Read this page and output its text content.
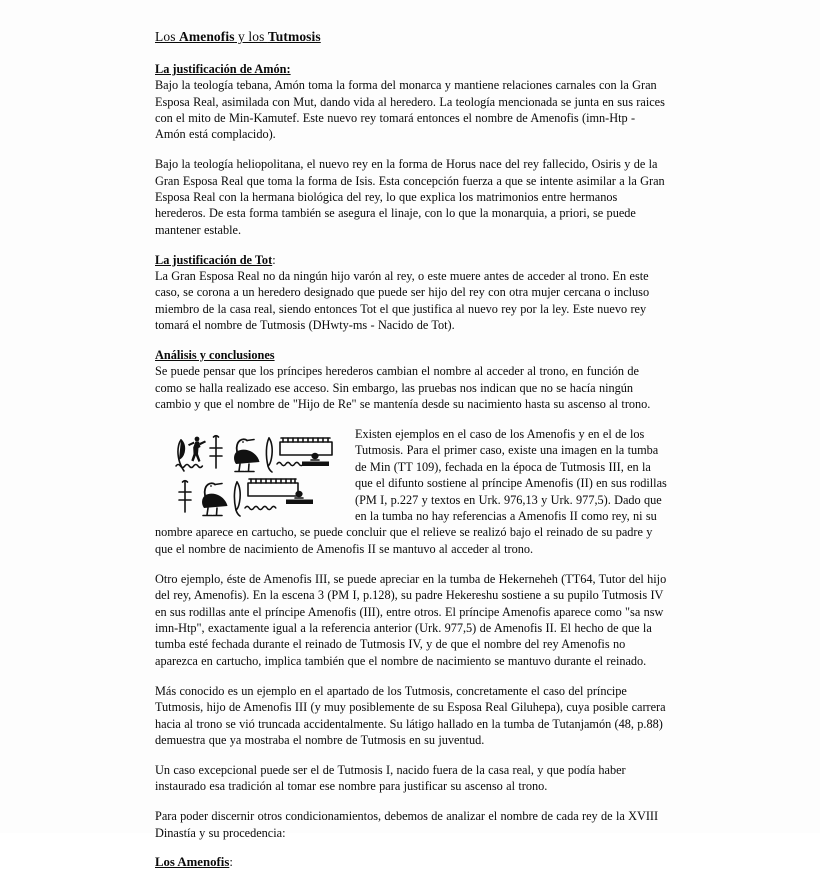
Los Amenofis y los Tutmosis
La justificación de Amón:

Bajo la teología tebana, Amón toma la forma del monarca y mantiene relaciones carnales con la Gran Esposa Real, asimilada con Mut, dando vida al heredero. La teología mencionada se junta en sus raices con el mito de Min-Kamutef. Este nuevo rey tomará entonces el nombre de Amenofis (imn-Htp - Amón está complacido).

Bajo la teología heliopolitana, el nuevo rey en la forma de Horus nace del rey fallecido, Osiris y de la Gran Esposa Real que toma la forma de Isis. Esta concepción fuerza a que se intente asimilar a la Gran Esposa Real con la hermana biológica del rey, lo que explica los matrimonios entre hermanos herederos. De esta forma también se asegura el linaje, con lo que la monarquia, a priori, se puede mantener estable.

La justificación de Tot:

La Gran Esposa Real no da ningún hijo varón al rey, o este muere antes de acceder al trono. En este caso, se corona a un heredero designado que puede ser hijo del rey con otra mujer cercana o incluso miembro de la casa real, siendo entonces Tot el que justifica al nuevo rey por la ley. Este nuevo rey tomará el nombre de Tutmosis (DHwty-ms - Nacido de Tot).

Análisis y conclusiones

Se puede pensar que los príncipes herederos cambian el nombre al acceder al trono, en función de como se halla realizado ese acceso. Sin embargo, las pruebas nos indican que no se hacía ningún cambio y que el nombre de "Hijo de Re" se mantenía desde su nacimiento hasta su ascenso al trono.

Existen ejemplos en el caso de los Amenofis y en el de los Tutmosis. Para el primer caso, existe una imagen en la tumba de Min (TT 109), fechada en la época de Tutmosis III, en la que el difunto sostiene al príncipe Amenofis (II) en sus rodillas (PM I, p.227 y textos en Urk. 976,13 y Urk. 977,5). Dado que en la tumba no hay referencias a Amenofis II como rey, ni su nombre aparece en cartucho, se puede concluir que el relieve se realizó bajo el reinado de su padre y que el nombre de nacimiento de Amenofis II se mantuvo al acceder al trono.

Otro ejemplo, éste de Amenofis III, se puede apreciar en la tumba de Hekerneheh (TT64, Tutor del hijo del rey, Amenofis). En la escena 3 (PM I, p.128), su padre Hekereshu sostiene a su pupilo Tutmosis IV en sus rodillas ante el príncipe Amenofis (III), entre otros. El príncipe Amenofis aparece como "sa nsw imn-Htp", exactamente igual a la referencia anterior (Urk. 977,5) de Amenofis II. El hecho de que la tumba esté fechada durante el reinado de Tutmosis IV, y de que el nombre del rey Amenofis no aparezca en cartucho, implica también que el nombre de nacimiento se mantuvo durante el reinado.

Más conocido es un ejemplo en el apartado de los Tutmosis, concretamente el caso del príncipe Tutmosis, hijo de Amenofis III (y muy posiblemente de su Esposa Real Giluhepa), cuya posible carrera hacia al trono se vió truncada accidentalmente. Su látigo hallado en la tumba de Tutanjamón (48, p.88) demuestra que ya mostraba el nombre de Tutmosis en su juventud.

Un caso excepcional puede ser el de Tutmosis I, nacido fuera de la casa real, y que podía haber instaurado esa tradición al tomar ese nombre para justificar su ascenso al trono.

Para poder discernir otros condicionamientos, debemos de analizar el nombre de cada rey de la XVIII Dinastía y su procedencia:

Los Amenofis:
